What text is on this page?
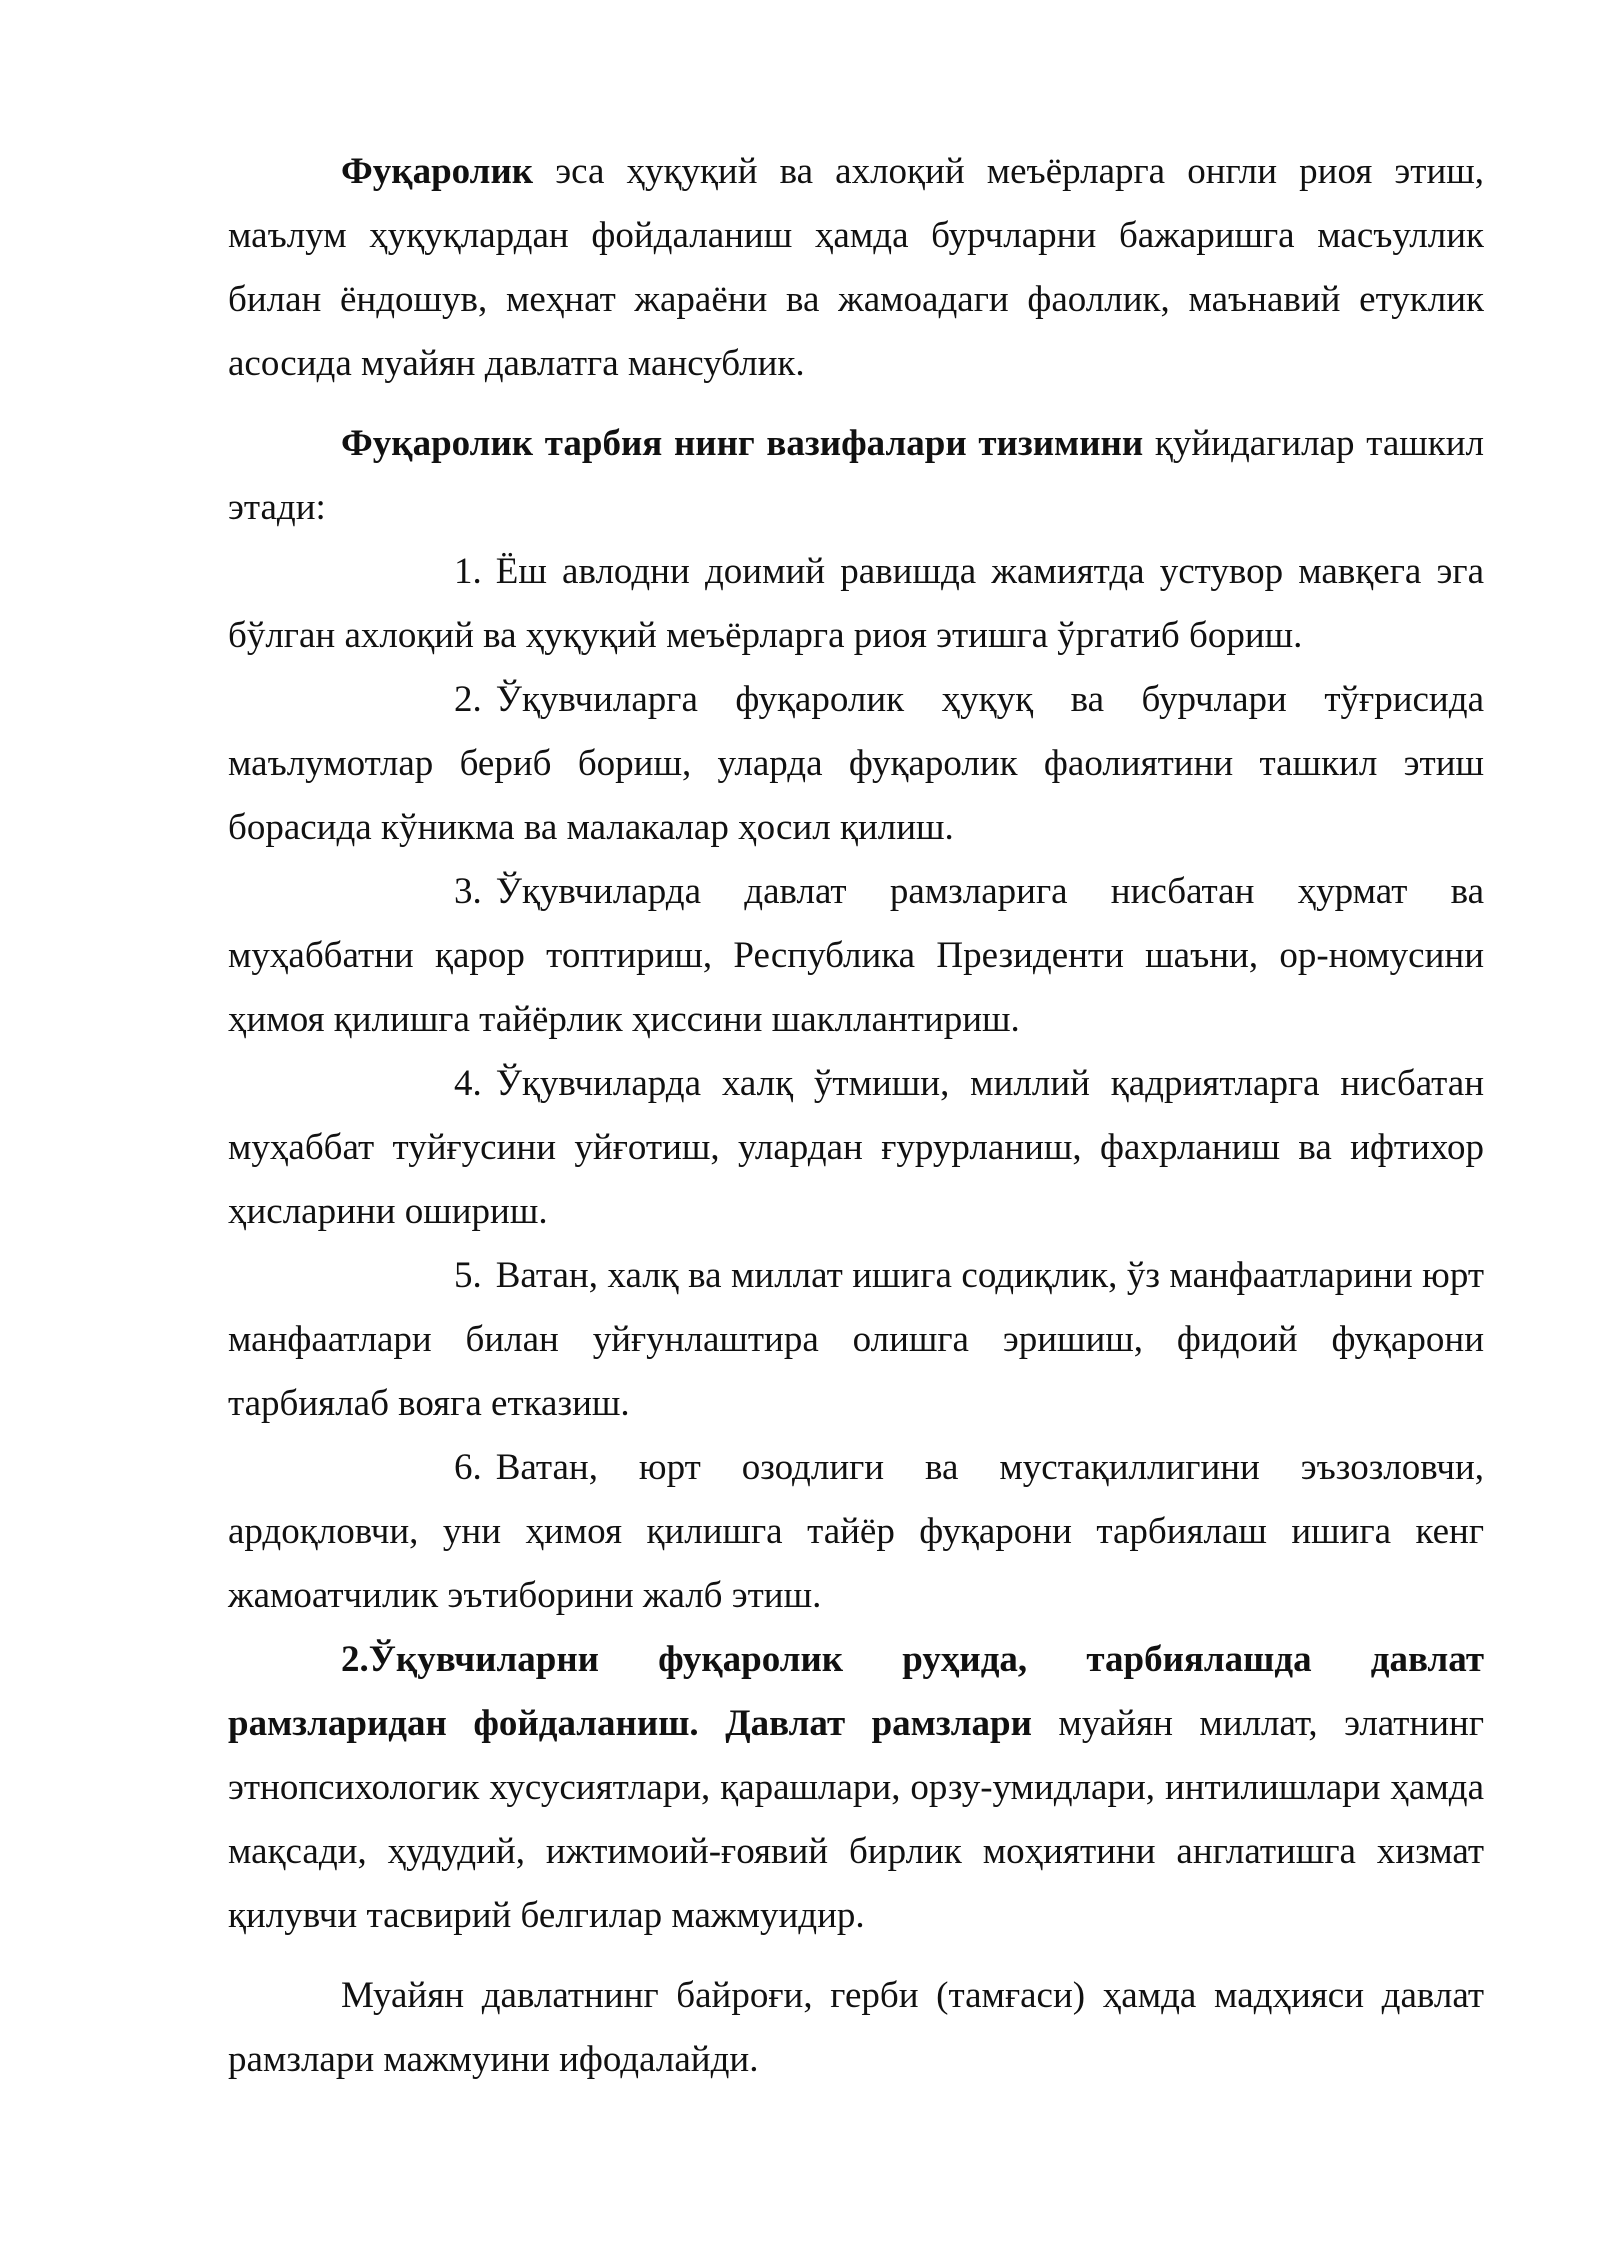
Фуқаролик эса ҳуқуқий ва ахлоқий меъёрларга онгли риоя этиш, маълум ҳуқуқлардан фойдаланиш ҳамда бурчларни бажаришга масъуллик билан ёндошув, меҳнат жараёни ва жамоадаги фаоллик, маънавий етуклик асосида муайян давлатга мансублик.

Фуқаролик тарбия нинг вазифалари тизимини қуйидагилар ташкил этади:

1. Ёш авлодни доимий равишда жамиятда устувор мавқега эга бўлган ахлоқий ва ҳуқуқий меъёрларга риоя этишга ўргатиб бориш.

2. Ўқувчиларга фуқаролик ҳуқуқ ва бурчлари тўғрисида маълумотлар бериб бориш, уларда фуқаролик фаолиятини ташкил этиш борасида кўникма ва малакалар ҳосил қилиш.

3. Ўқувчиларда давлат рамзларига нисбатан ҳурмат ва муҳаббатни қарор топтириш, Республика Президенти шаъни, ор-номусини ҳимоя қилишга тайёрлик ҳиссини шакллантириш.

4. Ўқувчиларда халқ ўтмиши, миллий қадриятларга нисбатан муҳаббат туйғусини уйғотиш, улардан ғурурланиш, фахрланиш ва ифтихор ҳисларини ошириш.

5. Ватан, халқ ва миллат ишига содиқлик, ўз манфаатларини юрт манфаатлари билан уйғунлаштира олишга эришиш, фидоий фуқарони тарбиялаб вояга етказиш.

6. Ватан, юрт озодлиги ва мустақиллигини эъзозловчи, ардоқловчи, уни ҳимоя қилишга тайёр фуқарони тарбиялаш ишига кенг жамоатчилик эътиборини жалб этиш.

2.Ўқувчиларни фуқаролик руҳида, тарбиялашда давлат рамзларидан фойдаланиш. Давлат рамзлари муайян миллат, элатнинг этнопсихологик хусусиятлари, қарашлари, орзу-умидлари, интилишлари ҳамда мақсади, ҳудудий, ижтимоий-ғоявий бирлик моҳиятини англатишга хизмат қилувчи тасвирий белгилар мажмуидир.

Муайян давлатнинг байроғи, герби (тамғаси) ҳамда мадҳияси давлат рамзлари мажмуини ифодалайди.
